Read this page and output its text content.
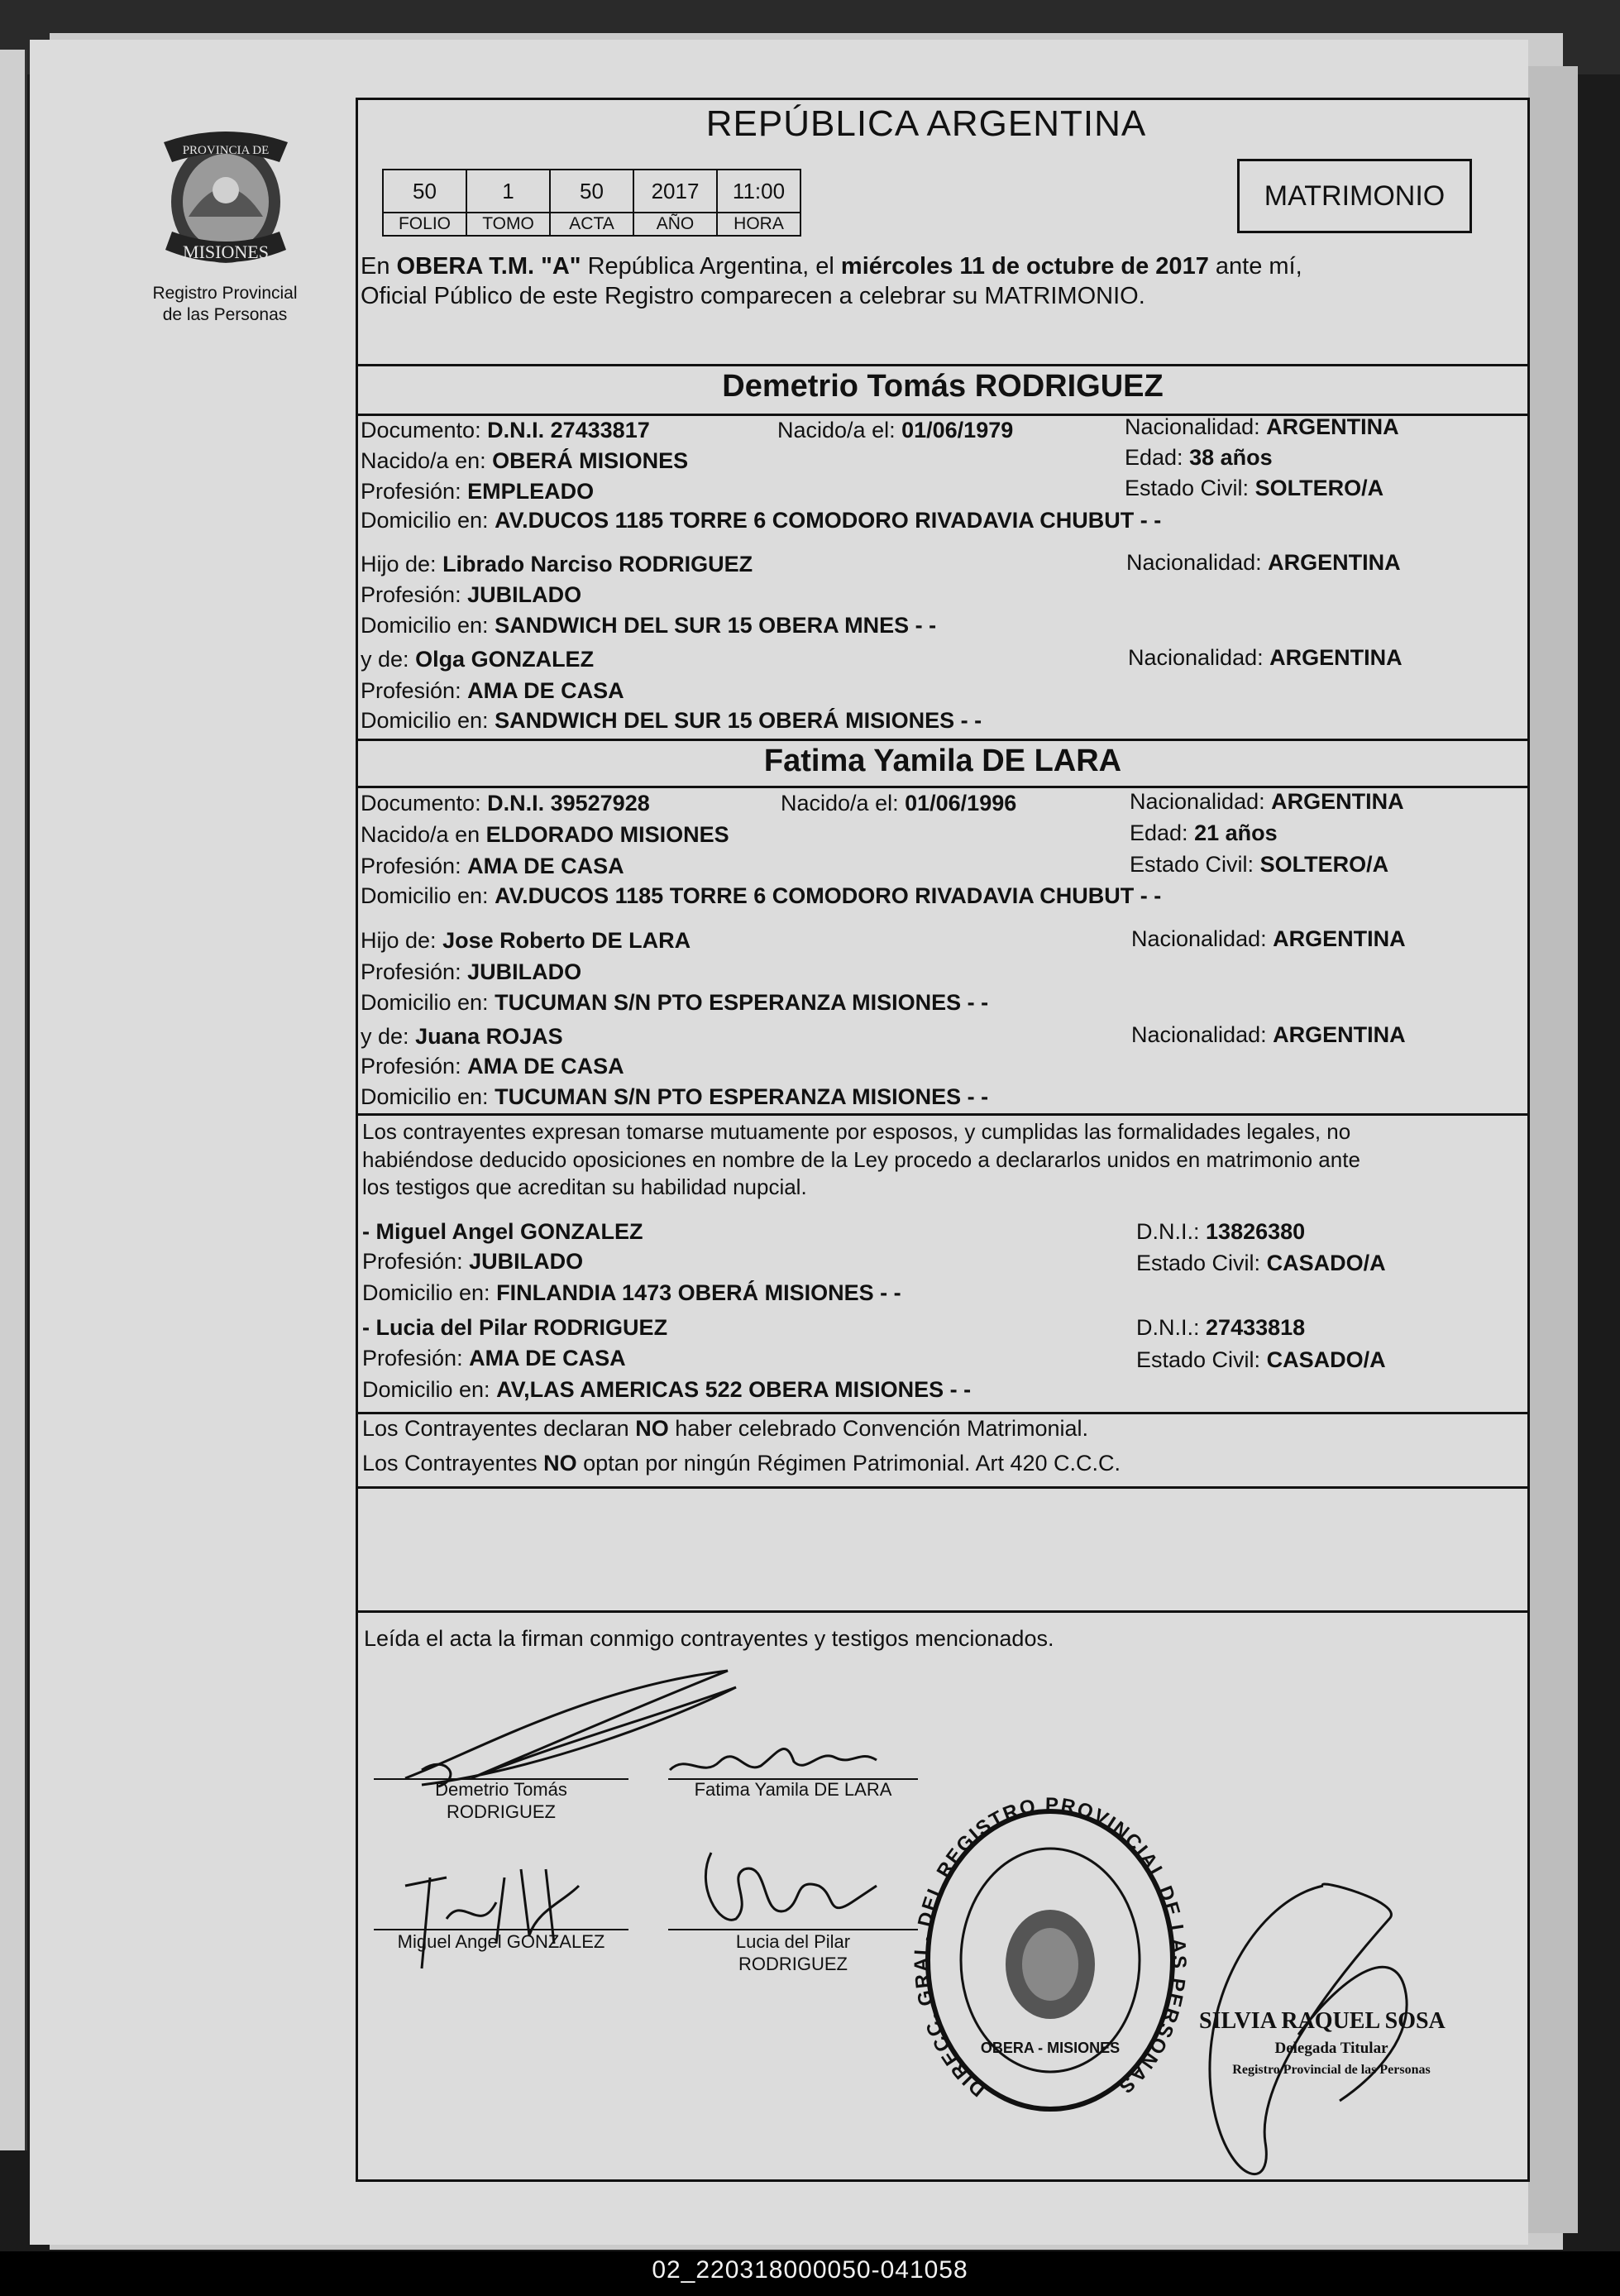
PROVINCIA DE
MISIONES
Registro Provincial
de las Personas
REPÚBLICA ARGENTINA
50	1	50	2017	11:00
FOLIO	TOMO	ACTA	AÑO	HORA
MATRIMONIO
En OBERA T.M. "A" República Argentina, el miércoles 11 de octubre de 2017 ante mí,
Oficial Público de este Registro comparecen a celebrar su MATRIMONIO.
Demetrio Tomás RODRIGUEZ
Documento: D.N.I. 27433817	Nacido/a el: 01/06/1979	Nacionalidad: ARGENTINA
Nacido/a en: OBERÁ MISIONES	Edad: 38 años
Profesión: EMPLEADO	Estado Civil: SOLTERO/A
Domicilio en: AV.DUCOS 1185 TORRE 6 COMODORO RIVADAVIA CHUBUT - -
Hijo de: Librado Narciso RODRIGUEZ	Nacionalidad: ARGENTINA
Profesión: JUBILADO
Domicilio en: SANDWICH DEL SUR 15 OBERA MNES - -
y de: Olga GONZALEZ	Nacionalidad: ARGENTINA
Profesión: AMA DE CASA
Domicilio en: SANDWICH DEL SUR 15 OBERÁ MISIONES - -
Fatima Yamila DE LARA
Documento: D.N.I. 39527928	Nacido/a el: 01/06/1996	Nacionalidad: ARGENTINA
Nacido/a en ELDORADO MISIONES	Edad: 21 años
Profesión: AMA DE CASA	Estado Civil: SOLTERO/A
Domicilio en: AV.DUCOS 1185 TORRE 6 COMODORO RIVADAVIA CHUBUT - -
Hijo de: Jose Roberto DE LARA	Nacionalidad: ARGENTINA
Profesión: JUBILADO
Domicilio en: TUCUMAN S/N PTO ESPERANZA MISIONES - -
y de: Juana ROJAS	Nacionalidad: ARGENTINA
Profesión: AMA DE CASA
Domicilio en: TUCUMAN S/N PTO ESPERANZA MISIONES - -
Los contrayentes expresan tomarse mutuamente por esposos, y cumplidas las formalidades legales, no
habiéndose deducido oposiciones en nombre de la Ley procedo a declararlos unidos en matrimonio ante
los testigos que acreditan su habilidad nupcial.
- Miguel Angel GONZALEZ	D.N.I.: 13826380
Profesión: JUBILADO	Estado Civil: CASADO/A
Domicilio en: FINLANDIA 1473 OBERÁ MISIONES - -
- Lucia del Pilar RODRIGUEZ	D.N.I.: 27433818
Profesión: AMA DE CASA	Estado Civil: CASADO/A
Domicilio en: AV,LAS AMERICAS 522 OBERA MISIONES - -
Los Contrayentes declaran NO haber celebrado Convención Matrimonial.
Los Contrayentes NO optan por ningún Régimen Patrimonial. Art 420 C.C.C.
Leída el acta la firman conmigo contrayentes y testigos mencionados.
Demetrio Tomás
RODRIGUEZ
Fatima Yamila DE LARA
Miguel Angel GONZALEZ	Lucia del Pilar
RODRIGUEZ
DIRECC. GRAL. DEL REGISTRO PROVINCIAL DE LAS PERSONAS
OBERA - MISIONES
SILVIA RAQUEL SOSA
Delegada Titular
Registro Provincial de las Personas
02_220318000050-041058
